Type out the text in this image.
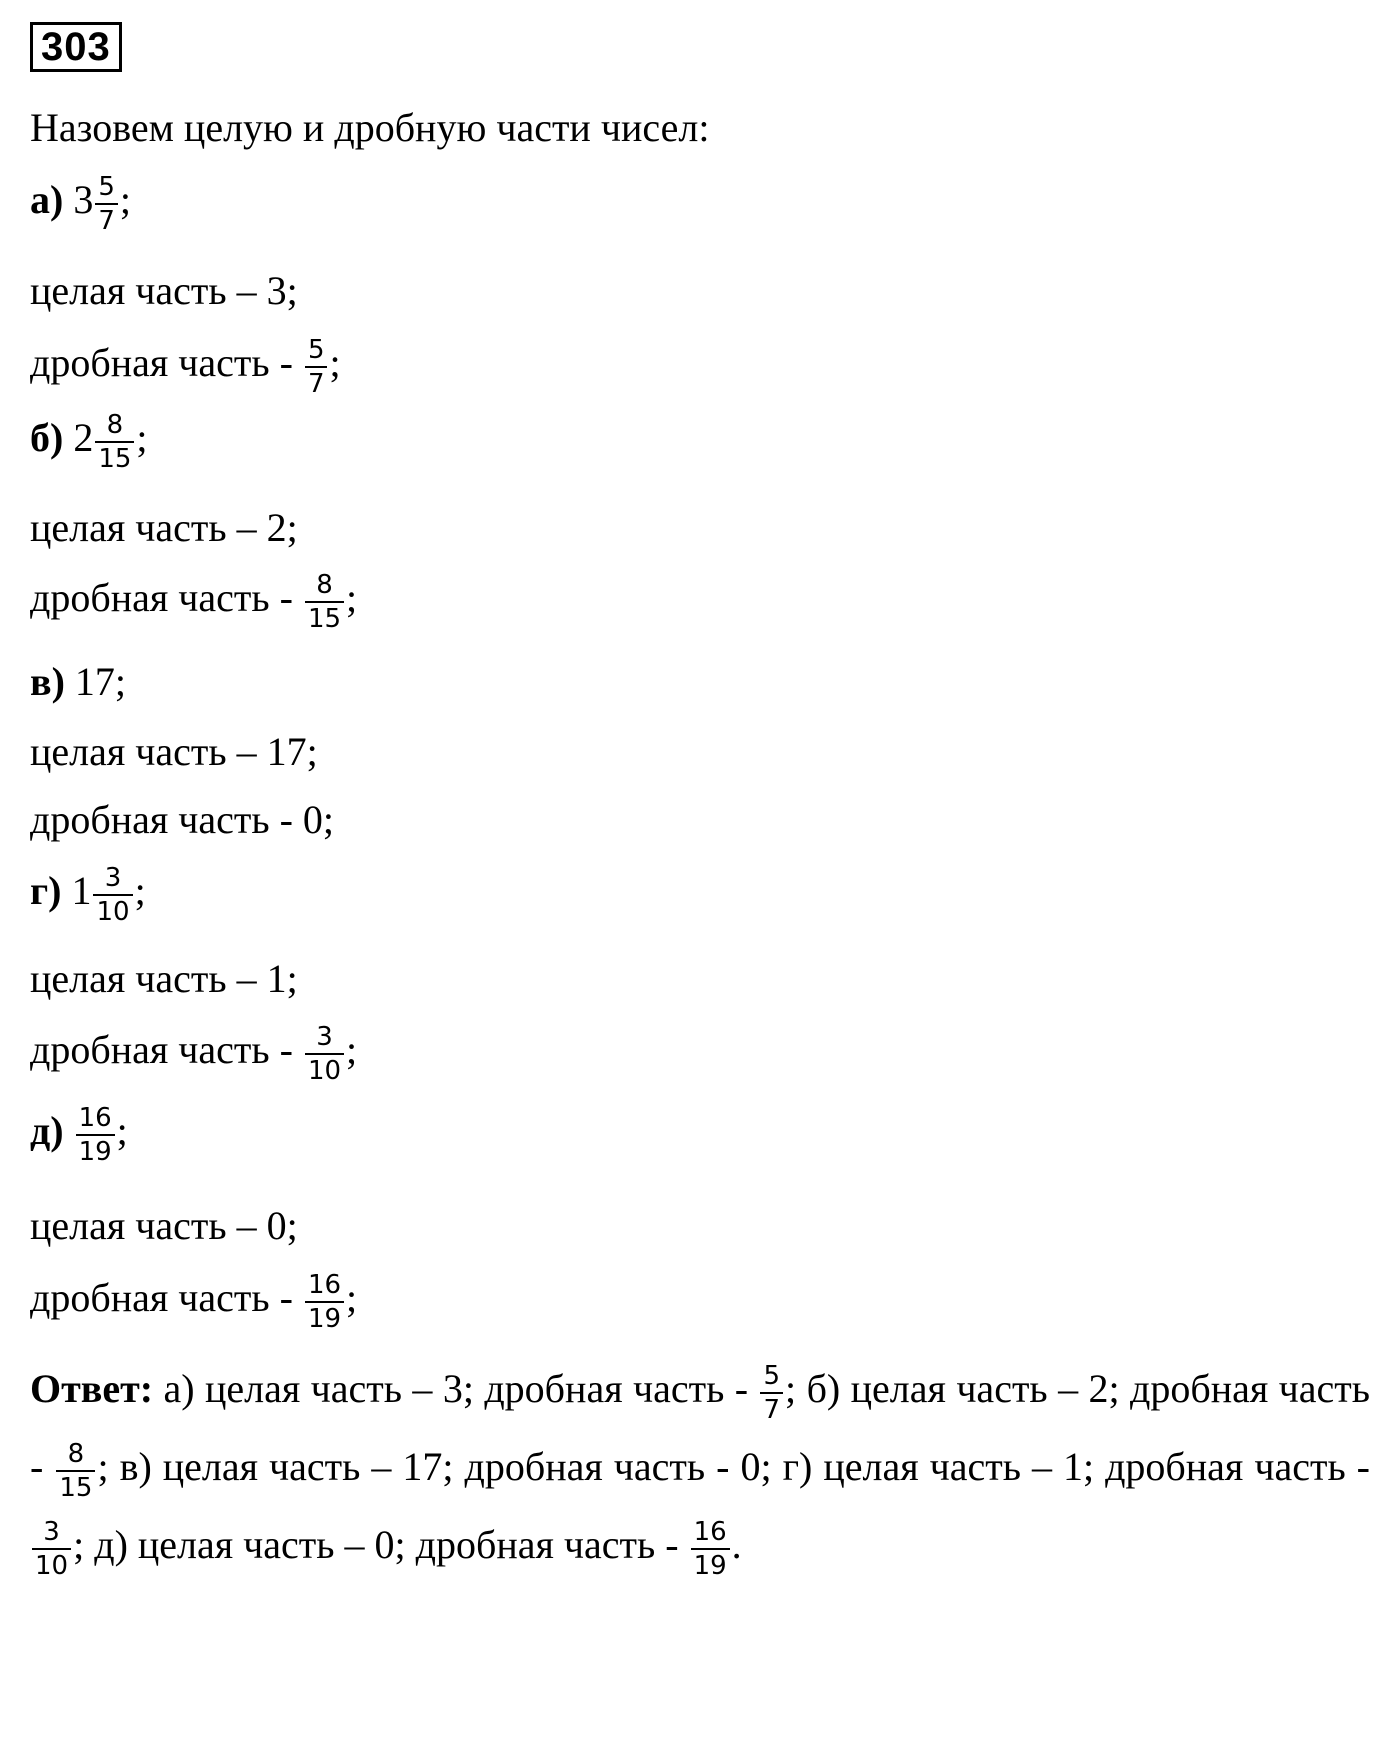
303
Назовем целую и дробную части чисел:
а) $3 \frac{5}{7}$ ;
целая часть – 3;
дробная часть - $\frac{5}{7}$ ;
б) $2 \frac{8}{15}$ ;
целая часть – 2;
дробная часть - $\frac{8}{15}$ ;
в) 17;
целая часть – 17;
дробная часть - 0;
г) $1 \frac{3}{10}$ ;
целая часть – 1;
дробная часть - $\frac{3}{10}$ ;
$д) \frac{16}{19}$ ;
целая часть – 0;
дробная часть - $\frac{16}{19}$ ;
Ответ: а) целая часть – 3; дробная часть - $\frac{5}{7}$ ; б) целая часть – 2; дробная часть - $\frac{8}{15}$ ; в) целая часть – 17; дробная часть - 0; г) целая часть – 1; дробная часть -
$\frac{3}{10}$ ; д) целая часть – 0; дробная часть - $\frac{16}{19}$ .
